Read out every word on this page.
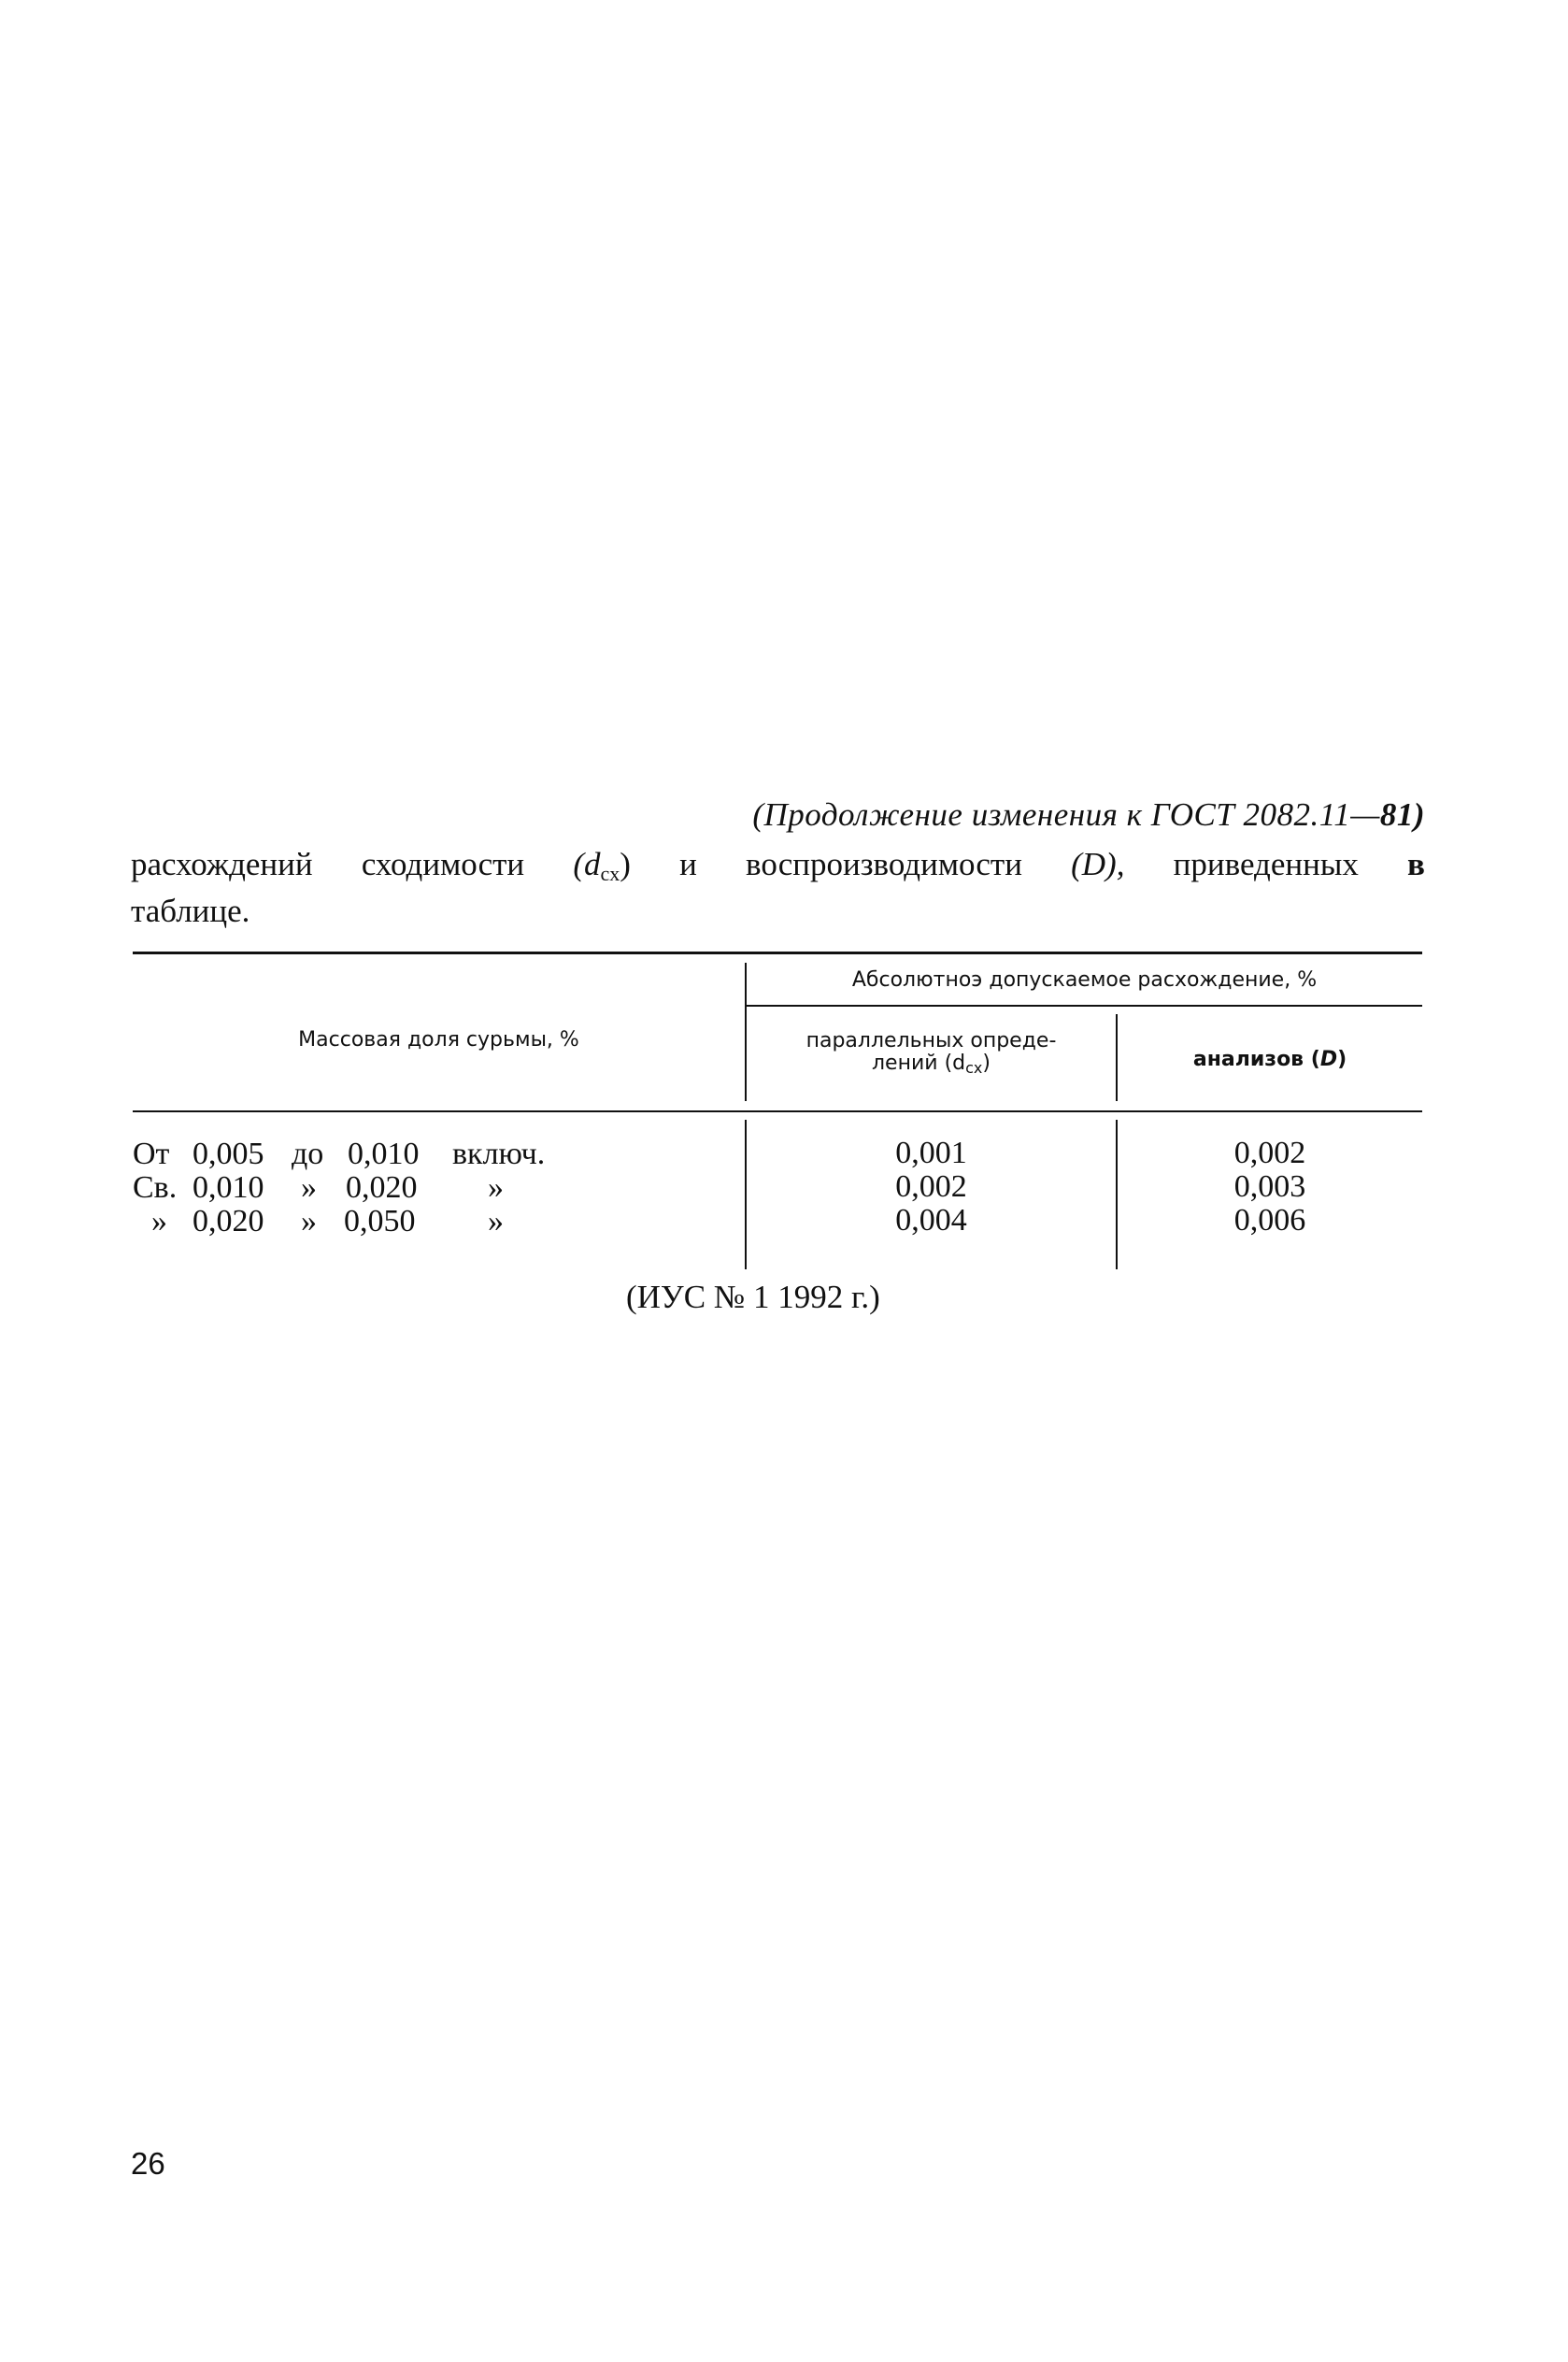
(Продолжение изменения к ГОСТ 2082.11—81)
расхождений сходимости $(d_{cx})$ и воспроизводимости (D), приведенных в
таблице.
Массовая доля сурьмы, %
Абсолютноэ допускаемое расхождение, %
параллельных опреде-
лений (dcx)	анализов (D)
От 0,005 до 0,010 включ.
Св. 0,010 » 0,020 »
» 0,020 » 0,050 »
0,001
0,002
0,004
0,002
0,003
0,006
(ИУС № 1 1992 г.)
26
